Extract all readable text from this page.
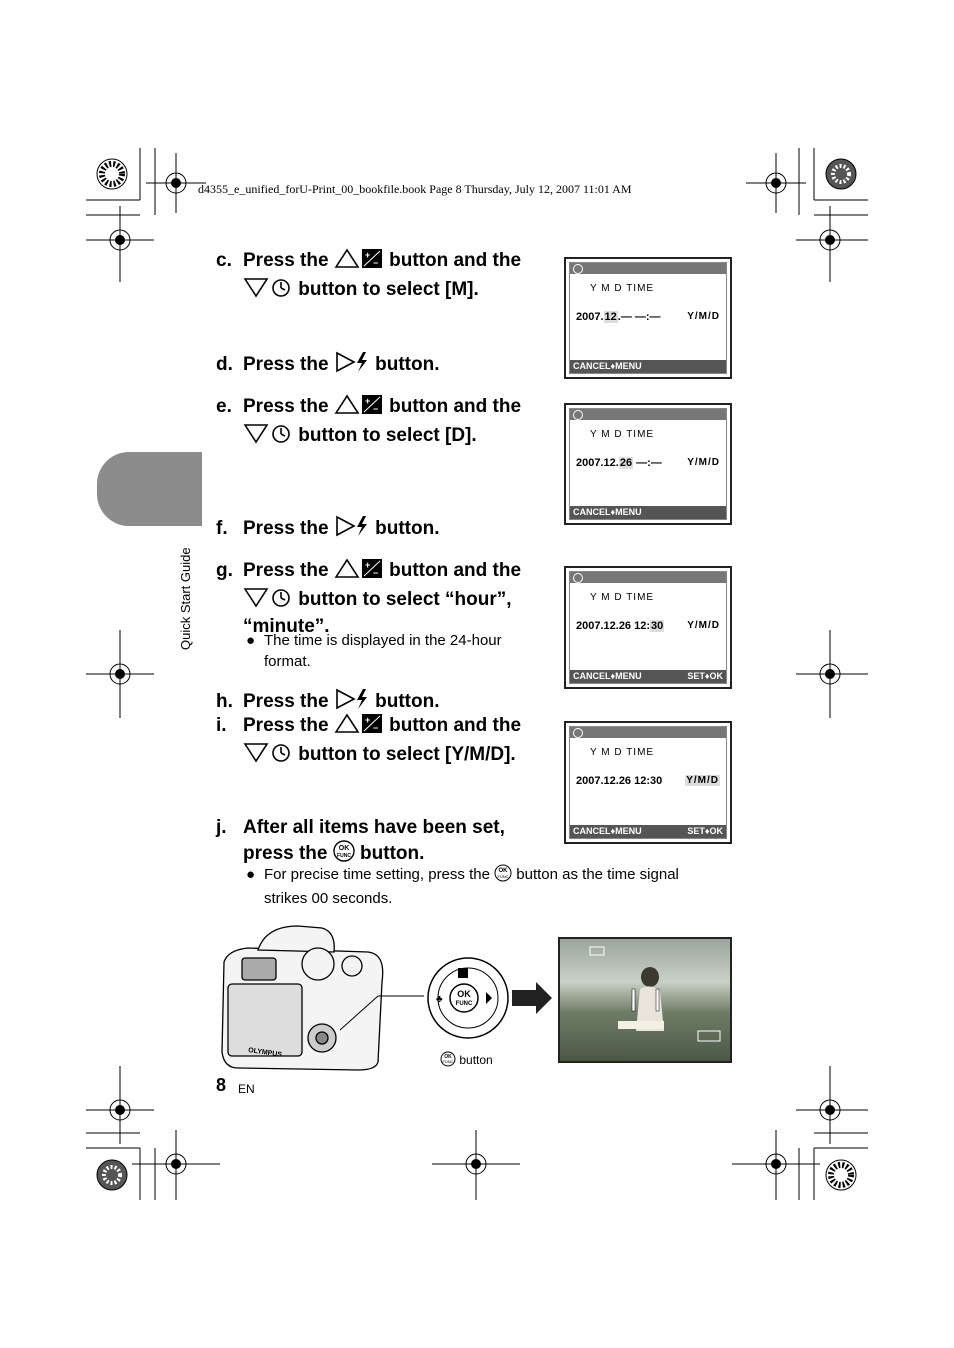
d4355_e_unified_forU-Print_00_bookfile.book Page 8 Thursday, July 12, 2007 11:01 AM
Quick Start Guide
c. Press the	+
− button and the
button to select [M].
d. Press the button.
e. Press the	+
− button and the
button to select [D].
f. Press the button.
g. Press the	+
− button and the
button to select “hour”,
“minute”.
● The time is displayed in the 24-hour
format.
h. Press the button.
i. Press the	+
− button and the
button to select [Y/M/D].
j. After all items have been set,
press the OK
FUNC button.
● For precise time setting, press the OK
FUNC button as the time signal
strikes 00 seconds.
Y M D TIME
2007.12.— —:—	Y/M/D
CANCEL♦MENU
Y M D TIME
2007.12.26 —:—	Y/M/D
CANCEL♦MENU
Y M D TIME
2007.12.26 12:30 Y/M/D
CANCEL♦MENU	SET♦OK
Y M D TIME
2007.12.26 12:30 Y/M/D
CANCEL♦MENU	SET♦OK
OLYMPUS
OK
FUNC
♣
OK
FUNC button
8 EN
